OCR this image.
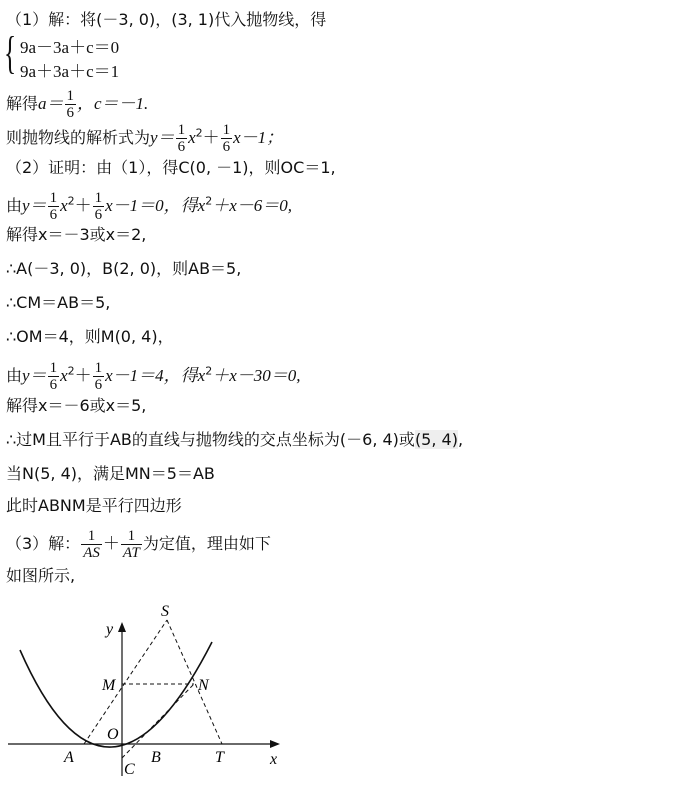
（1）解：将(－3, 0)，(3, 1)代入抛物线，得
{ 9a－3a＋c＝0
9a＋3a＋c＝1
解得$a= \frac{1}{6}$ ，c＝－1.
则抛物线的解析式为$y= \frac{1}{6} x^2+ \frac{1}{6} x-1$；
（2）证明：由（1），得C(0, －1)，则OC＝1,
由$y= \frac{1}{6} x^2+ \frac{1}{6} x-1=0$，得$x^2+x-6=0$,
解得x＝－3或x＝2,
∴A(－3, 0)，B(2, 0)，则AB＝5,
∴CM＝AB＝5,
∴OM＝4，则M(0, 4)，
由$y= \frac{1}{6} x^2+ \frac{1}{6} x-1=4$，得$x^2+x-30=0$,
解得x＝－6或x＝5,
∴过M且平行于AB的直线与抛物线的交点坐标为(－6, 4)或(5, 4),
当N(5, 4)，满足MN＝5＝AB
此时ABNM是平行四边形
（3）解： $\frac{1}{AS} + \frac{1}{AT}$ 为定值，理由如下
如图所示,
y
x
S
M	N
O
A	B
C
T
